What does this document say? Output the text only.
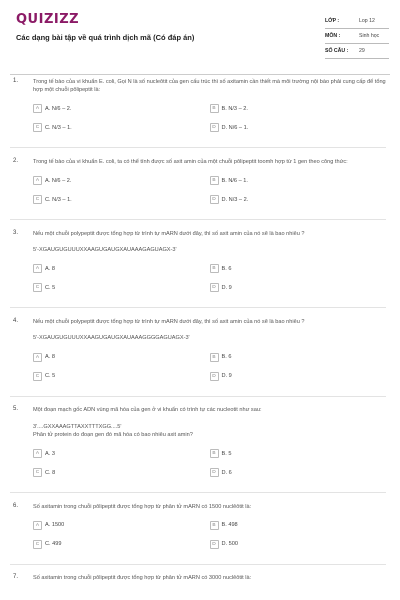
QUIZIZZ
Các dạng bài tập về quá trình dịch mã (Có đáp án)
LỚP :	Lop 12
MÔN :	Sinh học
SỐ CÂU :	29
1.	Trong tế bào của vi khuẩn E. coli, Gọi N là số nucleôtit của gen cấu trúc thì số axitamin cần thiết mà môi trường nội bào phải cung cấp để tổng hợp một chuỗi pôlipeptit là:
A	A. N/6 – 2.	B	B. N/3 – 2.
C	C. N/3 – 1.	D	D. N/6 – 1.
2.	Trong tế bào của vi khuẩn E. coli, ta có thể tính được số axit amin của một chuỗi pôlipeptit toomh hợp từ 1 gen theo công thức:
A	A. N/6 – 2.	B	B. N/6 – 1.
C	C. N/3 – 1.	D	D. N/3 – 2.
3.	Nếu một chuỗi polypeptit được tổng hợp từ trình tự mARN dưới đây, thì số axit amin của nó sẽ là bao nhiêu ?

5'-XGAUGUGUUUXXAAGUGAUGXAUAAAGAGUAGX-3'
A	A. 8	B	B. 6
C	C. 5	D	D. 9
4.	Nếu một chuỗi polypeptit được tổng hợp từ trình tự mARN dưới đây, thì số axit amin của nó sẽ là bao nhiêu ?

5'-XGAUGUGUUUXXAAGUGAUGXAUAAAGGGGAGUAGX-3'
A	A. 8	B	B. 6
C	C. 5	D	D. 9
5.	Một đoạn mạch gốc ADN vùng mã hóa của gen ở vi khuẩn có trình tự các nucleotit như sau:

3'....GXXAAAGTTAXXTTTXGG....5'
Phân tử protein do đoạn gen đó mã hóa có bao nhiêu axit amin?
A	A. 3	B	B. 5
C	C. 8	D	D. 6
6.	Số axitamin trong chuỗi pôlipeptit được tổng hợp từ phân tử mARN có 1500 nuclêôtit là:
A	A. 1500	B	B. 498
C	C. 499	D	D. 500
7.	Số axitamin trong chuỗi pôlipeptit được tổng hợp từ phân tử mARN có 3000 nuclêôtit là:
